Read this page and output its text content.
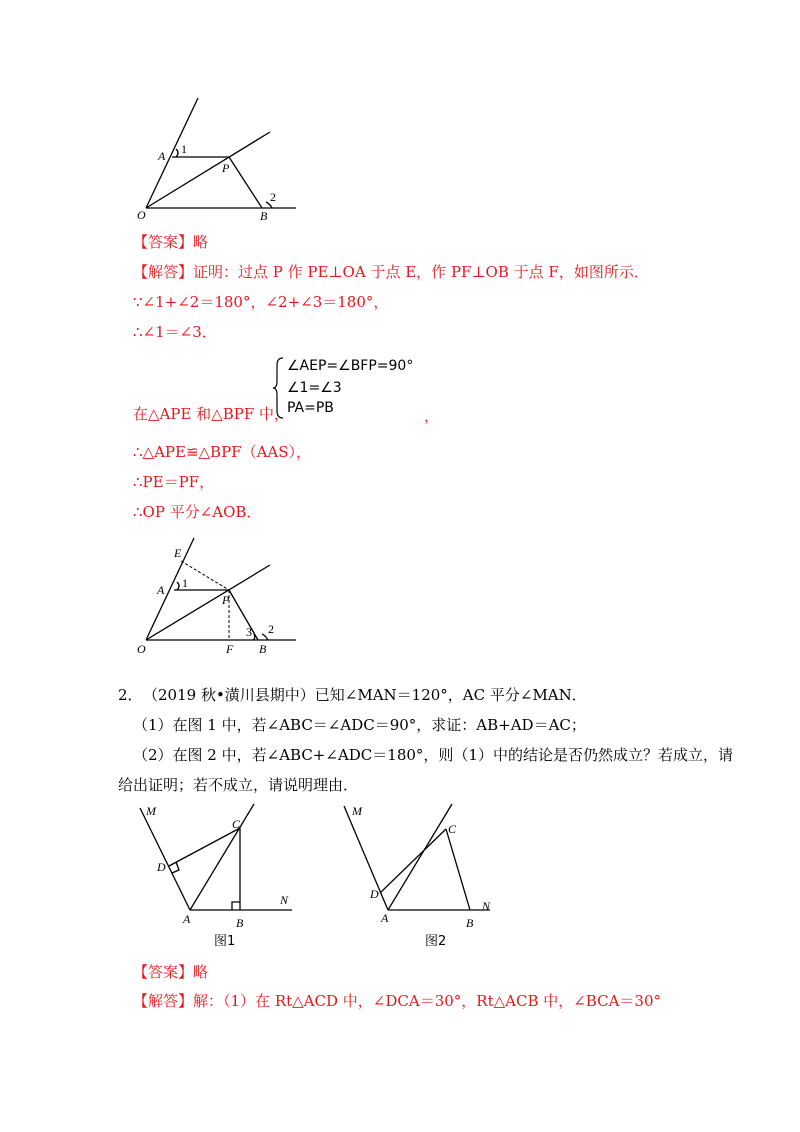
A 1
P
O	B
2
【答案】略
【解答】证明：过点 P 作 PE⊥OA 于点 E，作 PF⊥OB 于点 F，如图所示．
∵∠1+∠2＝180°，∠2+∠3＝180°，
∴∠1＝∠3．
∠AEP=∠BFP=90°
∠1=∠3
PA=PB
在△APE 和△BPF 中，	，
∴△APE≌△BPF（AAS），
∴PE＝PF，
∴OP 平分∠AOB．
E
A 1
P
O	F B
3 2
2． （2019 秋•潢川县期中）已知∠MAN＝120°，AC 平分∠MAN．
（1）在图 1 中，若∠ABC＝∠ADC＝90°，求证：AB+AD＝AC；
（2）在图 2 中，若∠ABC+∠ADC＝180°，则（1）中的结论是否仍然成立？若成立，请
给出证明；若不成立，请说明理由．
M
C
D
A	B
N
图1
M
C
D
A	B
N
图2
【答案】略
【解答】解：（1）在 Rt△ACD 中，∠DCA＝30°，Rt△ACB 中，∠BCA＝30°
